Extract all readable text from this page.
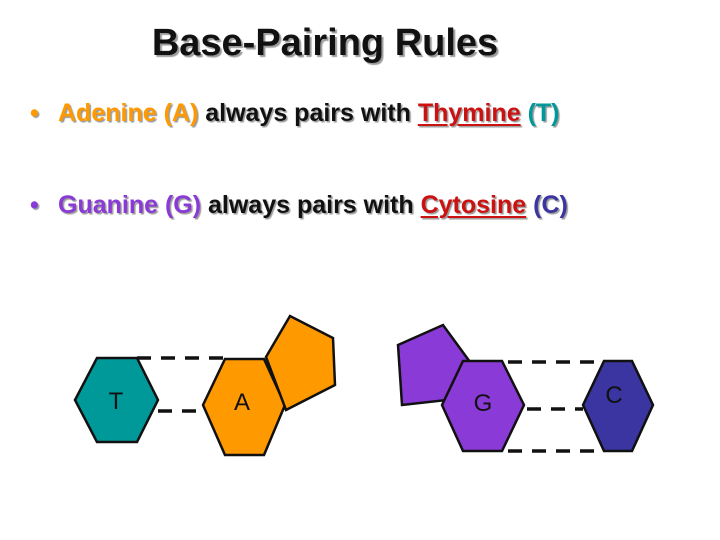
Base-Pairing Rules
• Adenine (A) always pairs with Thymine (T)
• Guanine (G) always pairs with Cytosine (C)
T	A	G	C
